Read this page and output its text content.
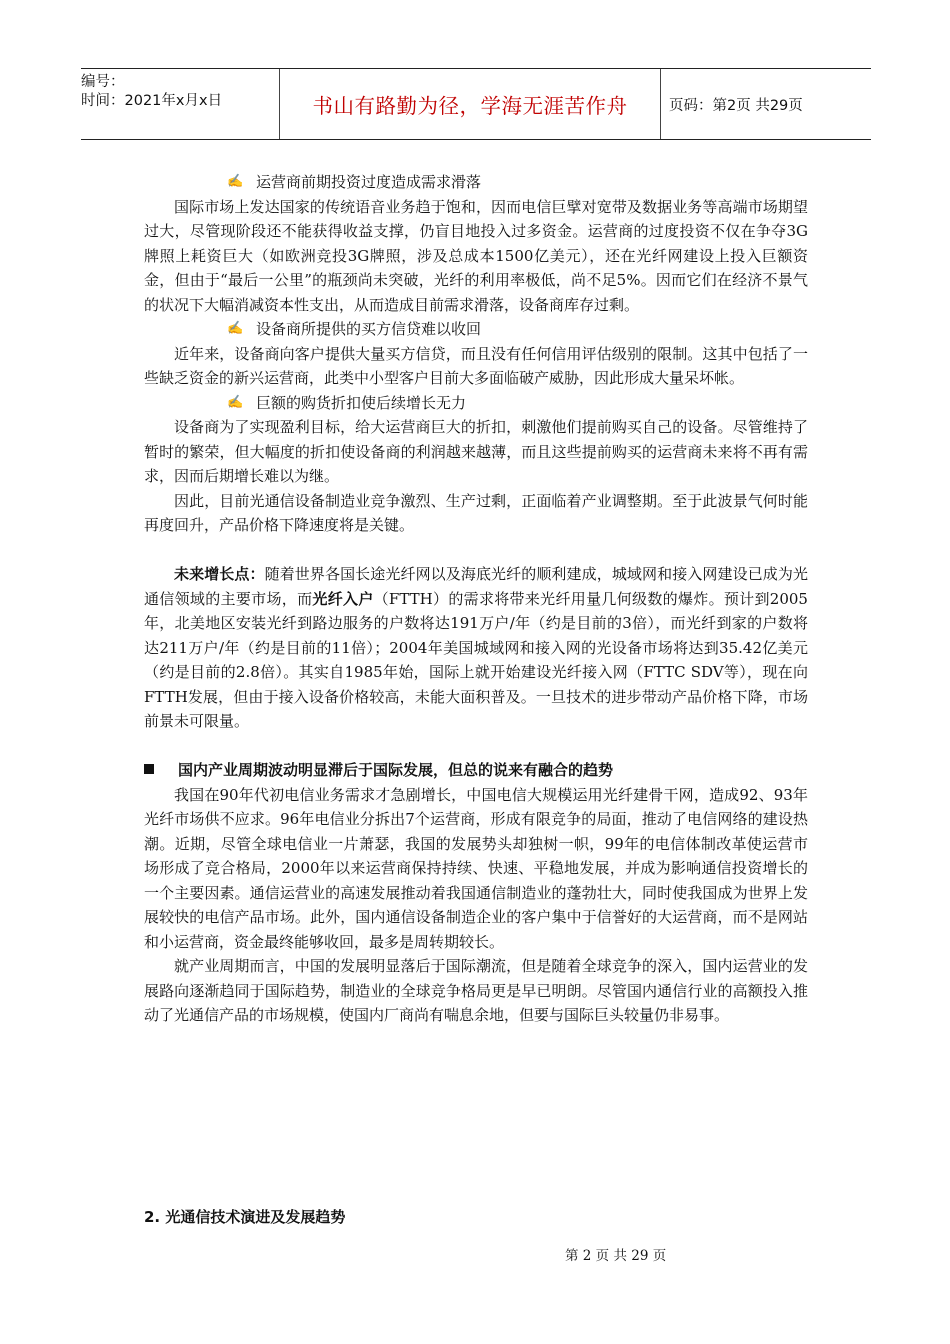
编号：
时间：2021年x月x日	书山有路勤为径，学海无涯苦作舟	页码：第2页 共29页

✍ 运营商前期投资过度造成需求滑落

国际市场上发达国家的传统语音业务趋于饱和，因而电信巨擘对宽带及数据业务等高端市场期望过大，尽管现阶段还不能获得收益支撑，仍盲目地投入过多资金。运营商的过度投资不仅在争夺3G牌照上耗资巨大（如欧洲竞投3G牌照，涉及总成本1500亿美元），还在光纤网建设上投入巨额资金，但由于“最后一公里”的瓶颈尚未突破，光纤的利用率极低，尚不足5%。因而它们在经济不景气的状况下大幅消减资本性支出，从而造成目前需求滑落，设备商库存过剩。

✍ 设备商所提供的买方信贷难以收回

近年来，设备商向客户提供大量买方信贷，而且没有任何信用评估级别的限制。这其中包括了一些缺乏资金的新兴运营商，此类中小型客户目前大多面临破产威胁，因此形成大量呆坏帐。

✍ 巨额的购货折扣使后续增长无力

设备商为了实现盈利目标，给大运营商巨大的折扣，刺激他们提前购买自己的设备。尽管维持了暂时的繁荣，但大幅度的折扣使设备商的利润越来越薄，而且这些提前购买的运营商未来将不再有需求，因而后期增长难以为继。

因此，目前光通信设备制造业竞争激烈、生产过剩，正面临着产业调整期。至于此波景气何时能再度回升，产品价格下降速度将是关键。

未来增长点：随着世界各国长途光纤网以及海底光纤的顺利建成，城域网和接入网建设已成为光通信领域的主要市场，而光纤入户（FTTH）的需求将带来光纤用量几何级数的爆炸。预计到2005年，北美地区安装光纤到路边服务的户数将达191万户/年（约是目前的3倍），而光纤到家的户数将达211万户/年（约是目前的11倍）；2004年美国城域网和接入网的光设备市场将达到35.42亿美元（约是目前的2.8倍）。其实自1985年始，国际上就开始建设光纤接入网（FTTC SDV等），现在向FTTH发展，但由于接入设备价格较高，未能大面积普及。一旦技术的进步带动产品价格下降，市场前景未可限量。

国内产业周期波动明显滞后于国际发展，但总的说来有融合的趋势

我国在90年代初电信业务需求才急剧增长，中国电信大规模运用光纤建骨干网，造成92、93年光纤市场供不应求。96年电信业分拆出7个运营商，形成有限竞争的局面，推动了电信网络的建设热潮。近期，尽管全球电信业一片萧瑟，我国的发展势头却独树一帜，99年的电信体制改革使运营市场形成了竞合格局，2000年以来运营商保持持续、快速、平稳地发展，并成为影响通信投资增长的一个主要因素。通信运营业的高速发展推动着我国通信制造业的蓬勃壮大，同时使我国成为世界上发展较快的电信产品市场。此外，国内通信设备制造企业的客户集中于信誉好的大运营商，而不是网站和小运营商，资金最终能够收回，最多是周转期较长。

就产业周期而言，中国的发展明显落后于国际潮流，但是随着全球竞争的深入，国内运营业的发展路向逐渐趋同于国际趋势，制造业的全球竞争格局更是早已明朗。尽管国内通信行业的高额投入推动了光通信产品的市场规模，使国内厂商尚有喘息余地，但要与国际巨头较量仍非易事。

2. 光通信技术演进及发展趋势
第 2 页 共 29 页
